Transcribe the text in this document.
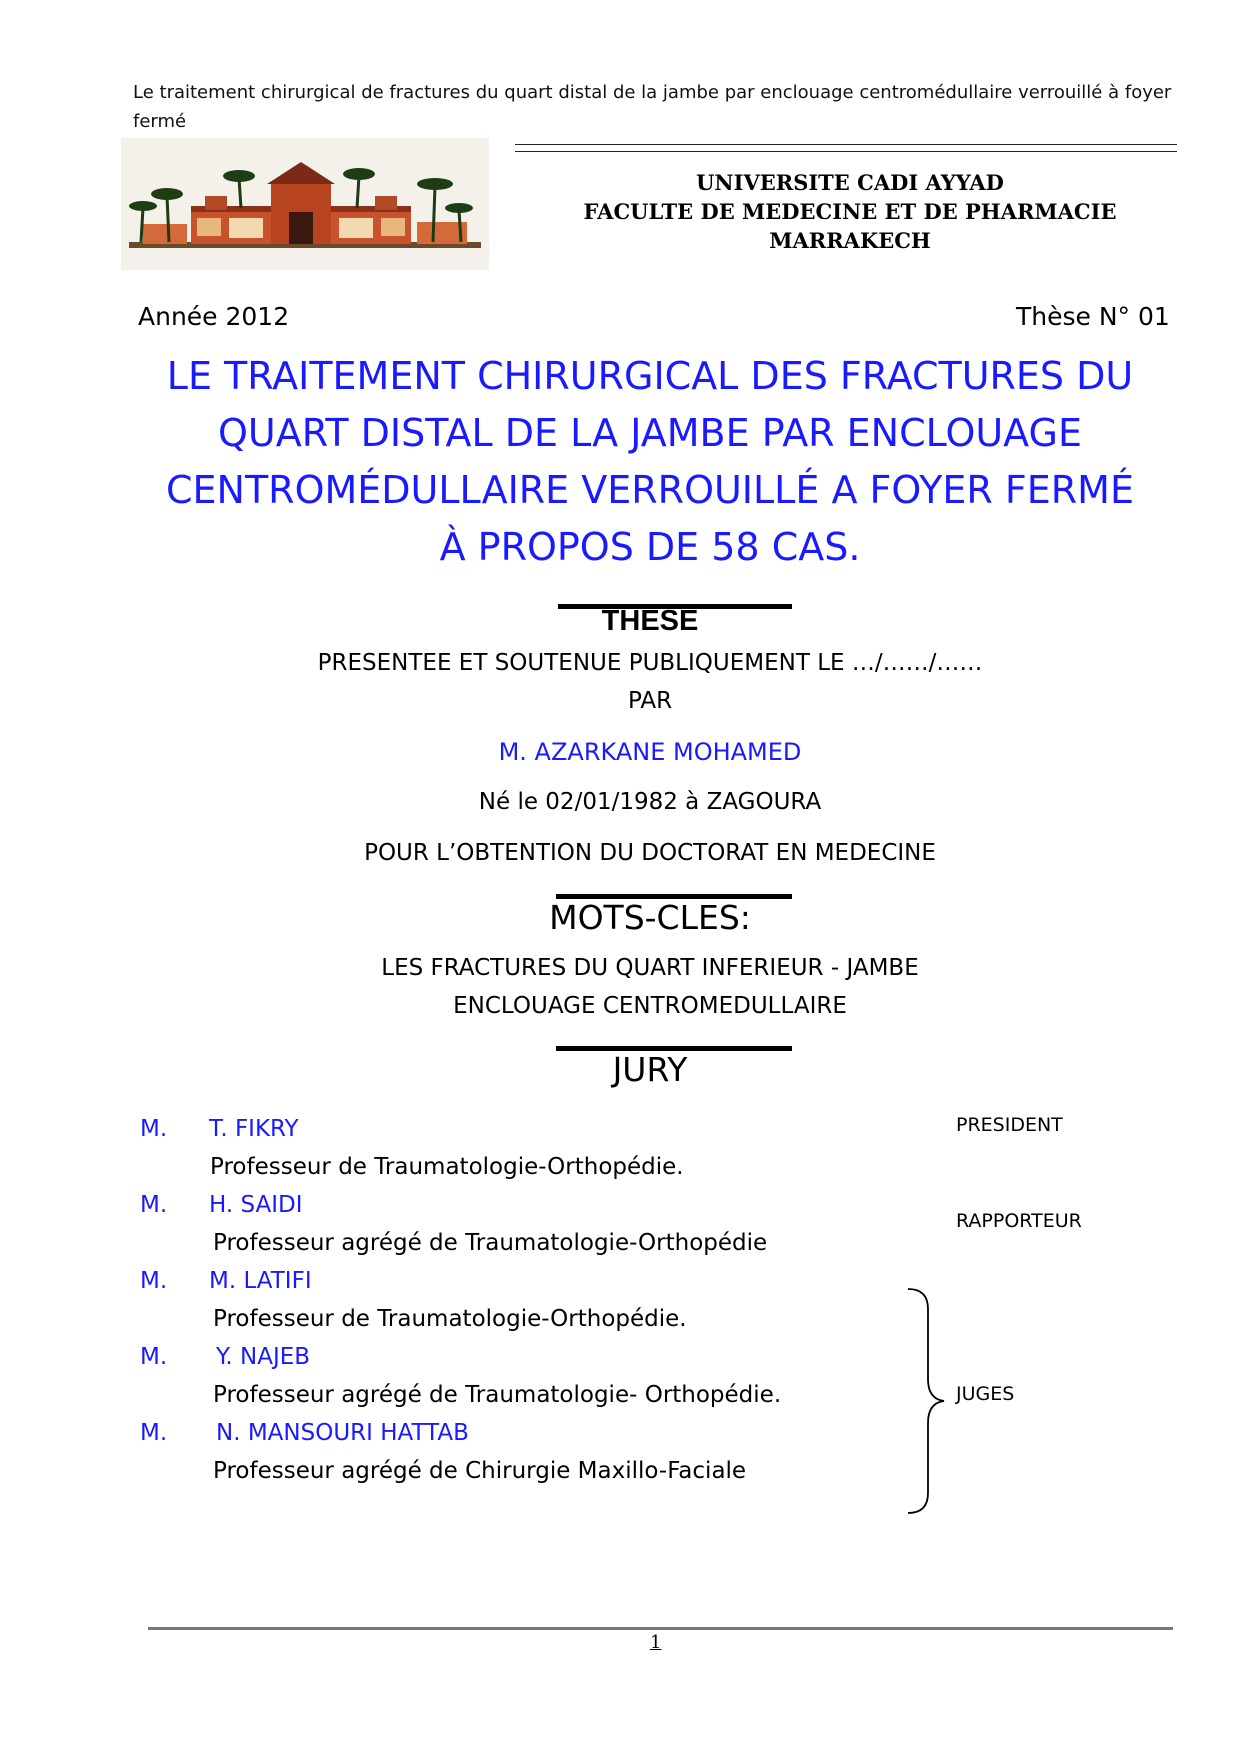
Le traitement chirurgical de fractures du quart distal de la jambe par enclouage centromédullaire verrouillé à foyer fermé
UNIVERSITE CADI AYYAD
FACULTE DE MEDECINE ET DE PHARMACIE
MARRAKECH
Année 2012	Thèse N° 01
LE TRAITEMENT CHIRURGICAL DES FRACTURES DU
QUART DISTAL DE LA JAMBE PAR ENCLOUAGE
CENTROMÉDULLAIRE VERROUILLÉ A FOYER FERMÉ
À PROPOS DE 58 CAS.
THESE
PRESENTEE ET SOUTENUE PUBLIQUEMENT LE …/……/……
PAR
M. AZARKANE MOHAMED
Né le 02/01/1982 à ZAGOURA
POUR L’OBTENTION DU DOCTORAT EN MEDECINE
MOTS-CLES:
LES FRACTURES DU QUART INFERIEUR - JAMBE
ENCLOUAGE CENTROMEDULLAIRE
JURY
M. T. FIKRY
Professeur de Traumatologie-Orthopédie.
M. H. SAIDI
Professeur agrégé de Traumatologie-Orthopédie
M. M. LATIFI
Professeur de Traumatologie-Orthopédie.
M. Y. NAJEB
Professeur agrégé de Traumatologie- Orthopédie.
M. N. MANSOURI HATTAB
Professeur agrégé de Chirurgie Maxillo-Faciale
PRESIDENT
RAPPORTEUR
JUGES
1
